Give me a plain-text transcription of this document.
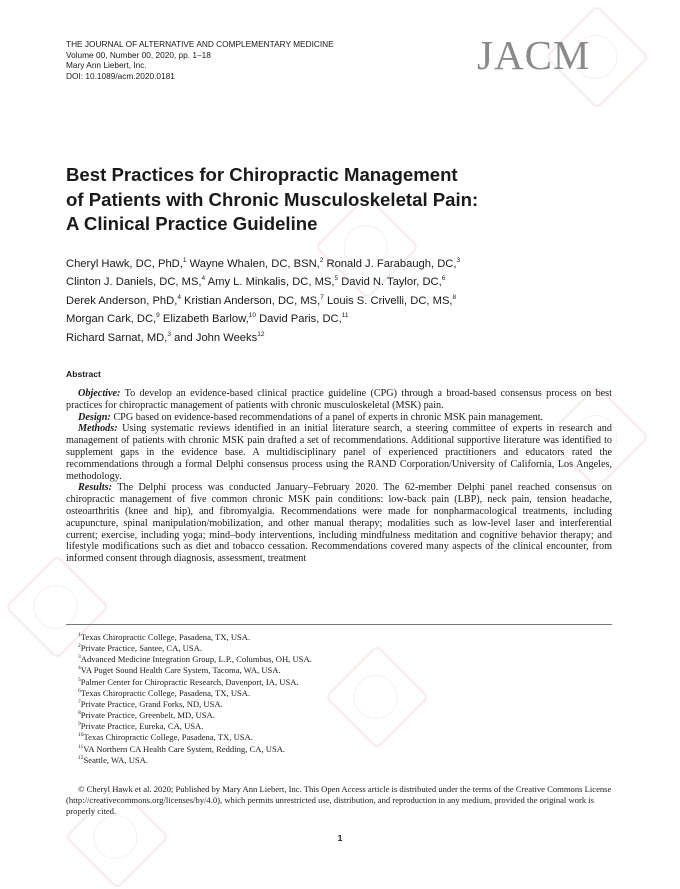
THE JOURNAL OF ALTERNATIVE AND COMPLEMENTARY MEDICINE
Volume 00, Number 00, 2020, pp. 1–18
Mary Ann Liebert, Inc.
DOI: 10.1089/acm.2020.0181	JACM
Best Practices for Chiropractic Management
of Patients with Chronic Musculoskeletal Pain:
A Clinical Practice Guideline
Cheryl Hawk, DC, PhD,$^1$ Wayne Whalen, DC, BSN,$^2$ Ronald J. Farabaugh, DC,$^3$
Clinton J. Daniels, DC, MS,$^4$ Amy L. Minkalis, DC, MS,$^5$ David N. Taylor, DC,$^6$
Derek Anderson, PhD,$^4$ Kristian Anderson, DC, MS,$^7$ Louis S. Crivelli, DC, MS,$^8$
Morgan Cark, DC,$^9$ Elizabeth Barlow,$^{10}$ David Paris, DC,$^{11}$
Richard Sarnat, MD,$^3$ and John Weeks$^{12}$
Abstract

Objective: To develop an evidence-based clinical practice guideline (CPG) through a broad-based consensus process on best practices for chiropractic management of patients with chronic musculoskeletal (MSK) pain.

Design: CPG based on evidence-based recommendations of a panel of experts in chronic MSK pain management.

Methods: Using systematic reviews identified in an initial literature search, a steering committee of experts in research and management of patients with chronic MSK pain drafted a set of recommendations. Additional supportive literature was identified to supplement gaps in the evidence base. A multidisciplinary panel of experienced practitioners and educators rated the recommendations through a formal Delphi consensus process using the RAND Corporation/University of California, Los Angeles, methodology.

Results: The Delphi process was conducted January–February 2020. The 62-member Delphi panel reached consensus on chiropractic management of five common chronic MSK pain conditions: low-back pain (LBP), neck pain, tension headache, osteoarthritis (knee and hip), and fibromyalgia. Recommendations were made for nonpharmacological treatments, including acupuncture, spinal manipulation/mobilization, and other manual therapy; modalities such as low-level laser and interferential current; exercise, including yoga; mind–body interventions, including mindfulness meditation and cognitive behavior therapy; and lifestyle modifications such as diet and tobacco cessation. Recommendations covered many aspects of the clinical encounter, from informed consent through diagnosis, assessment, treatment

$^1$Texas Chiropractic College, Pasadena, TX, USA.
$^2$Private Practice, Santee, CA, USA.
$^3$Advanced Medicine Integration Group, L.P., Columbus, OH, USA.
$^4$VA Puget Sound Health Care System, Tacoma, WA, USA.
$^5$Palmer Center for Chiropractic Research, Davenport, IA, USA.
$^6$Texas Chiropractic College, Pasadena, TX, USA.
$^7$Private Practice, Grand Forks, ND, USA.
$^8$Private Practice, Greenbelt, MD, USA.
$^9$Private Practice, Eureka, CA, USA.
$^{10}$Texas Chiropractic College, Pasadena, TX, USA.
$^{11}$VA Northern CA Health Care System, Redding, CA, USA.
$^{12}$Seattle, WA, USA.

© Cheryl Hawk et al. 2020; Published by Mary Ann Liebert, Inc. This Open Access article is distributed under the terms of the Creative Commons License (http://creativecommons.org/licenses/by/4.0), which permits unrestricted use, distribution, and reproduction in any medium, provided the original work is properly cited.

1
